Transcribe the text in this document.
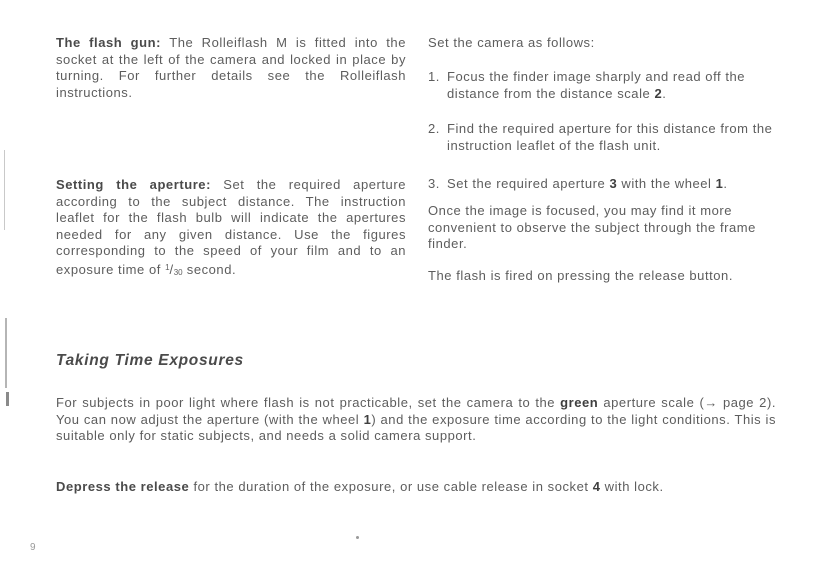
The flash gun: The Rolleiflash M is fitted into the socket at the left of the camera and locked in place by turning. For further details see the Rolleiflash instructions.

Setting the aperture: Set the required aperture according to the subject distance. The instruction leaflet for the flash bulb will indicate the apertures needed for any given distance. Use the figures corresponding to the speed of your film and to an exposure time of $^1/_{30}$ second.

Set the camera as follows:

1. Focus the finder image sharply and read off the distance from the distance scale 2.
2. Find the required aperture for this distance from the instruction leaflet of the flash unit.
3. Set the required aperture 3 with the wheel 1.

Once the image is focused, you may find it more convenient to observe the subject through the frame finder.

The flash is fired on pressing the release button.

Taking Time Exposures

For subjects in poor light where flash is not practicable, set the camera to the green aperture scale (→ page 2). You can now adjust the aperture (with the wheel 1) and the exposure time according to the light conditions. This is suitable only for static subjects, and needs a solid camera support.

Depress the release for the duration of the exposure, or use cable release in socket 4 with lock.

9
